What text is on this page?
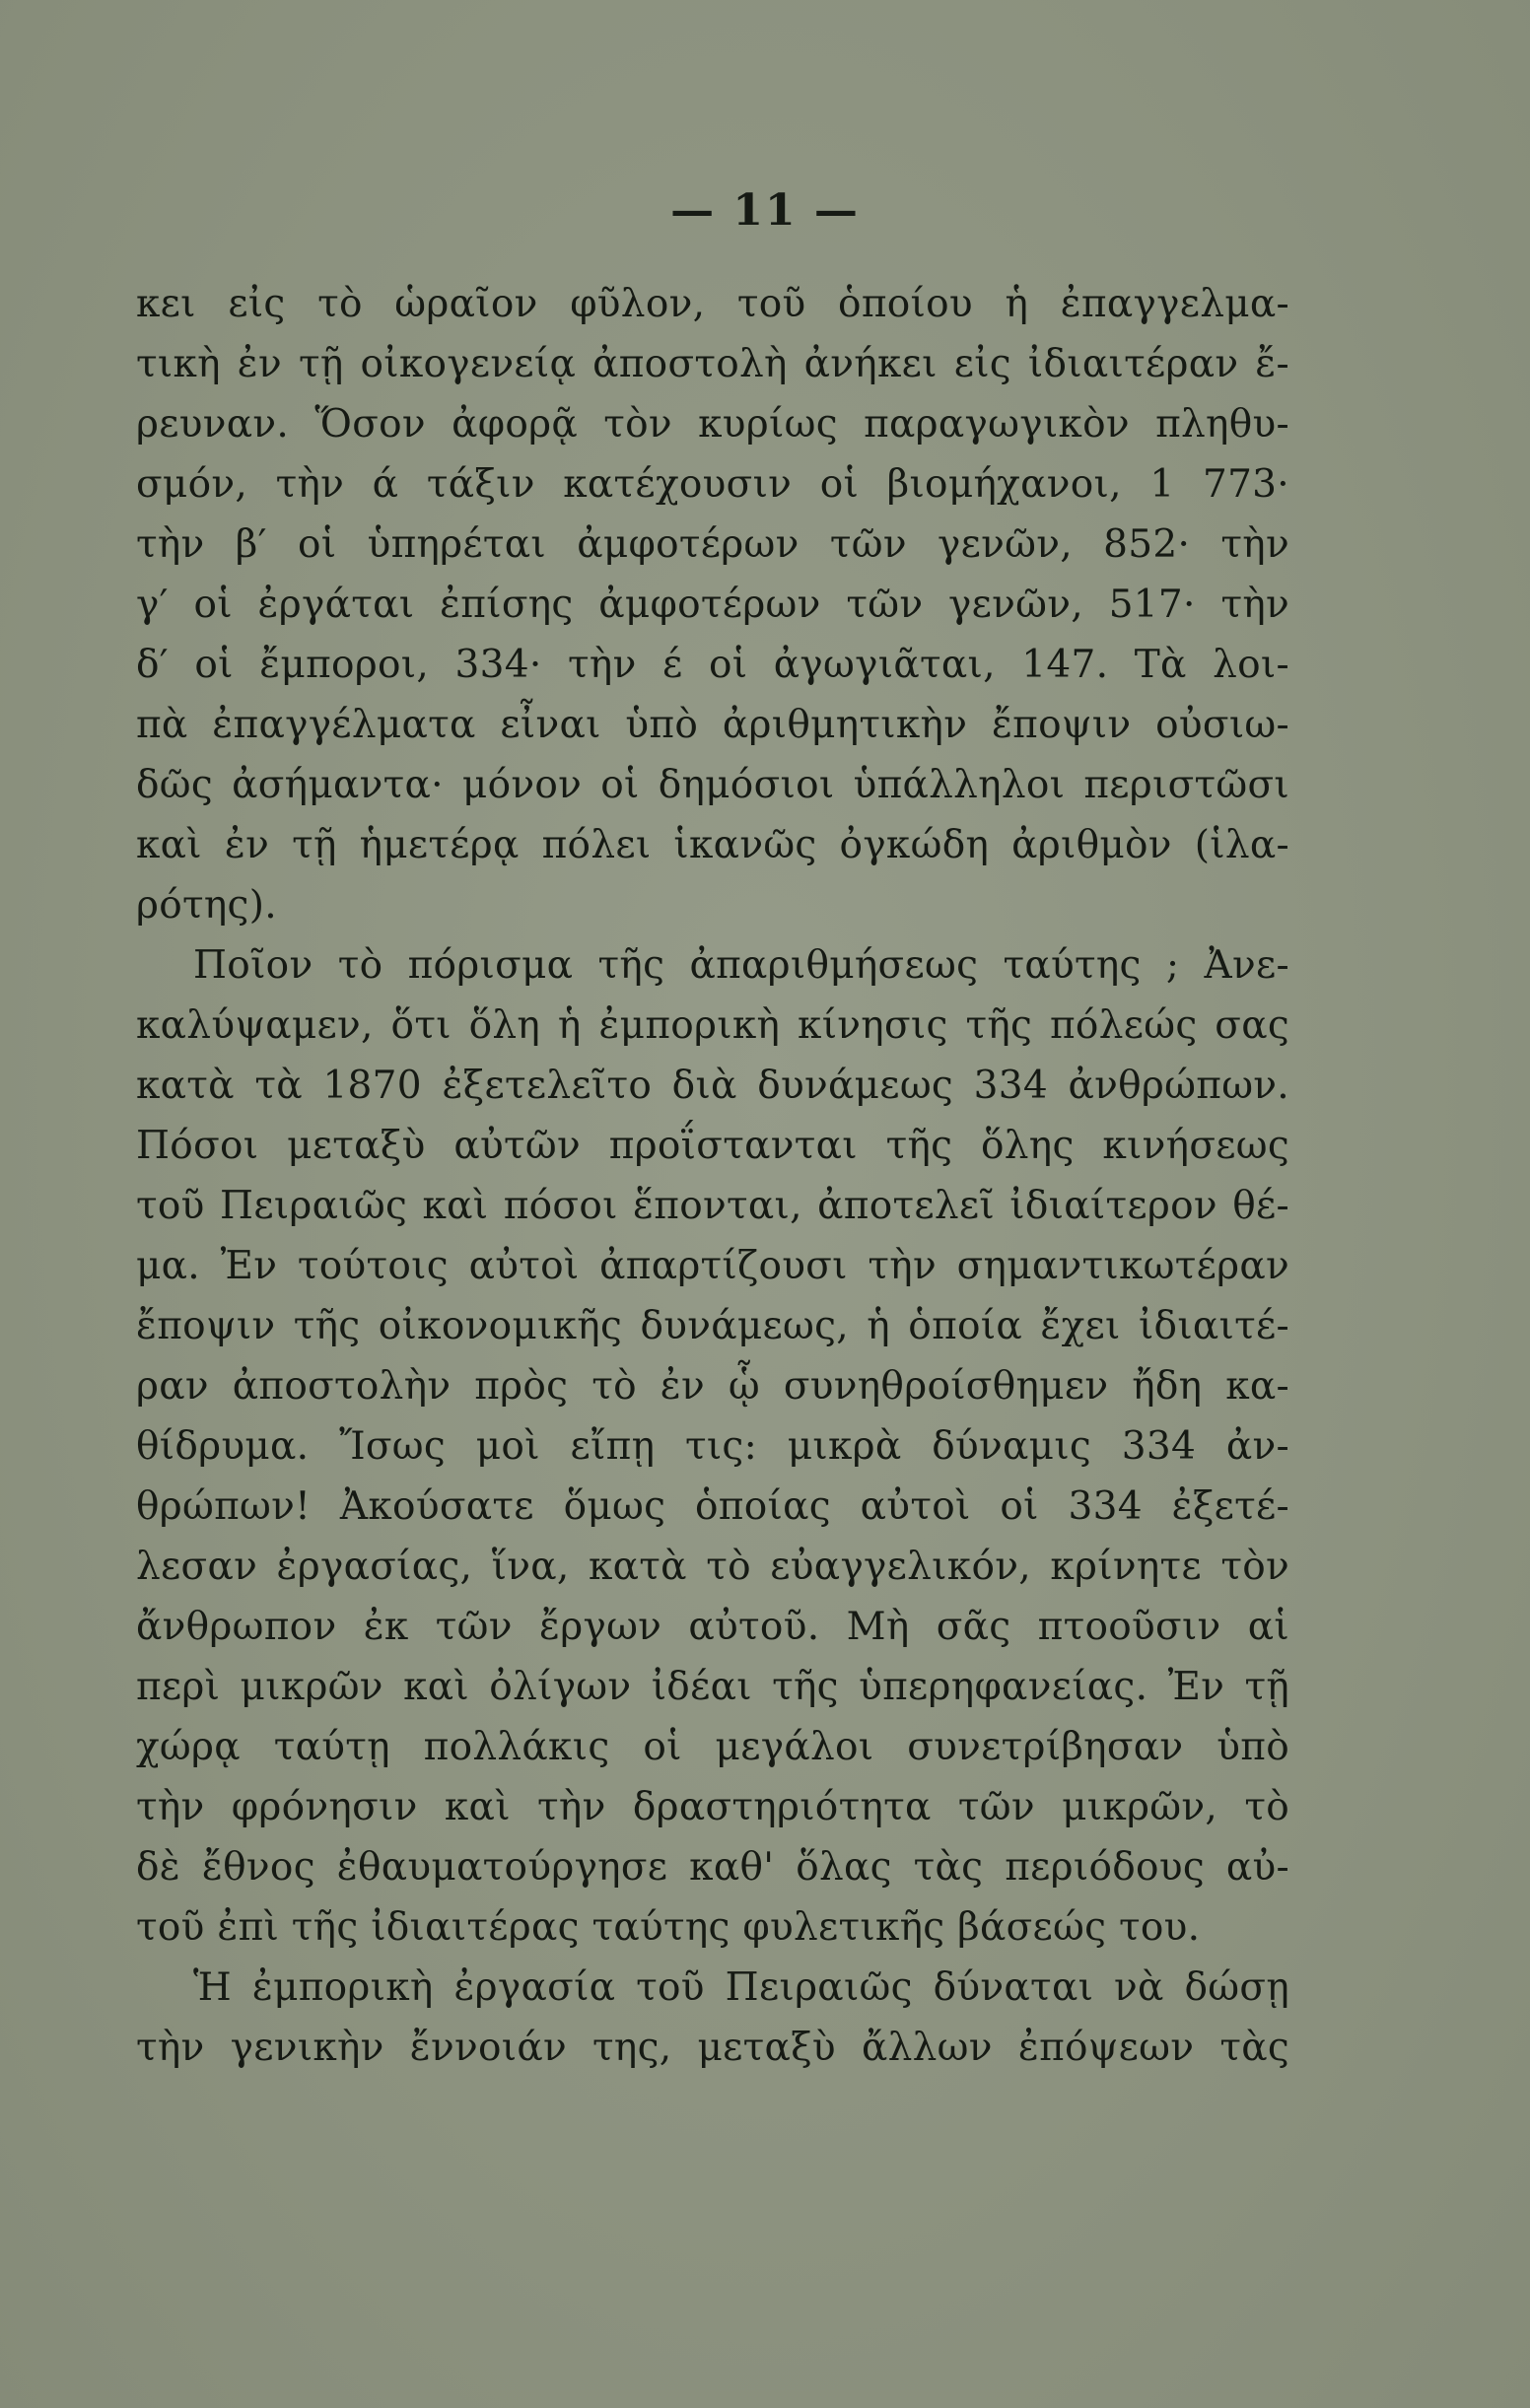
— 11 —
κει εἰς τὸ ὡραῖον φῦλον, τοῦ ὁποίου ἡ ἐπαγγελμα-
τικὴ ἐν τῇ οἰκογενείᾳ ἀποστολὴ ἀνήκει εἰς ἰδιαιτέραν ἔ-
ρευναν. Ὅσον ἀφορᾷ τὸν κυρίως παραγωγικὸν πληθυ-
σμόν, τὴν ά τάξιν κατέχουσιν οἱ βιομήχανοι, 1 773·
τὴν β′ οἱ ὑπηρέται ἀμφοτέρων τῶν γενῶν, 852· τὴν
γ′ οἱ ἐργάται ἐπίσης ἀμφοτέρων τῶν γενῶν, 517· τὴν
δ′ οἱ ἔμποροι, 334· τὴν έ οἱ ἀγωγιᾶται, 147. Τὰ λοι-
πὰ ἐπαγγέλματα εἶναι ὑπὸ ἀριθμητικὴν ἔποψιν οὐσιω-
δῶς ἀσήμαντα· μόνον οἱ δημόσιοι ὑπάλληλοι περιστῶσι
καὶ ἐν τῇ ἡμετέρᾳ πόλει ἱκανῶς ὀγκώδη ἀριθμὸν (ἱλα-
ρότης).
Ποῖον τὸ πόρισμα τῆς ἀπαριθμήσεως ταύτης ; Ἀνε-
καλύψαμεν, ὅτι ὅλη ἡ ἐμπορικὴ κίνησις τῆς πόλεώς σας
κατὰ τὰ 1870 ἐξετελεῖτο διὰ δυνάμεως 334 ἀνθρώπων.
Πόσοι μεταξὺ αὐτῶν προΐστανται τῆς ὅλης κινήσεως
τοῦ Πειραιῶς καὶ πόσοι ἕπονται, ἀποτελεῖ ἰδιαίτερον θέ-
μα. Ἐν τούτοις αὐτοὶ ἀπαρτίζουσι τὴν σημαντικωτέραν
ἔποψιν τῆς οἰκονομικῆς δυνάμεως, ἡ ὁποία ἔχει ἰδιαιτέ-
ραν ἀποστολὴν πρὸς τὸ ἐν ᾧ συνηθροίσθημεν ἤδη κα-
θίδρυμα. Ἴσως μοὶ εἴπῃ τις: μικρὰ δύναμις 334 ἀν-
θρώπων! Ἀκούσατε ὅμως ὁποίας αὐτοὶ οἱ 334 ἐξετέ-
λεσαν ἐργασίας, ἵνα, κατὰ τὸ εὐαγγελικόν, κρίνητε τὸν
ἄνθρωπον ἐκ τῶν ἔργων αὐτοῦ. Μὴ σᾶς πτοοῦσιν αἱ
περὶ μικρῶν καὶ ὀλίγων ἰδέαι τῆς ὑπερηφανείας. Ἐν τῇ
χώρᾳ ταύτῃ πολλάκις οἱ μεγάλοι συνετρίβησαν ὑπὸ
τὴν φρόνησιν καὶ τὴν δραστηριότητα τῶν μικρῶν, τὸ
δὲ ἔθνος ἐθαυματούργησε καθ' ὅλας τὰς περιόδους αὐ-
τοῦ ἐπὶ τῆς ἰδιαιτέρας ταύτης φυλετικῆς βάσεώς του.
Ἡ ἐμπορικὴ ἐργασία τοῦ Πειραιῶς δύναται νὰ δώσῃ
τὴν γενικὴν ἔννοιάν της, μεταξὺ ἄλλων ἐπόψεων τὰς
